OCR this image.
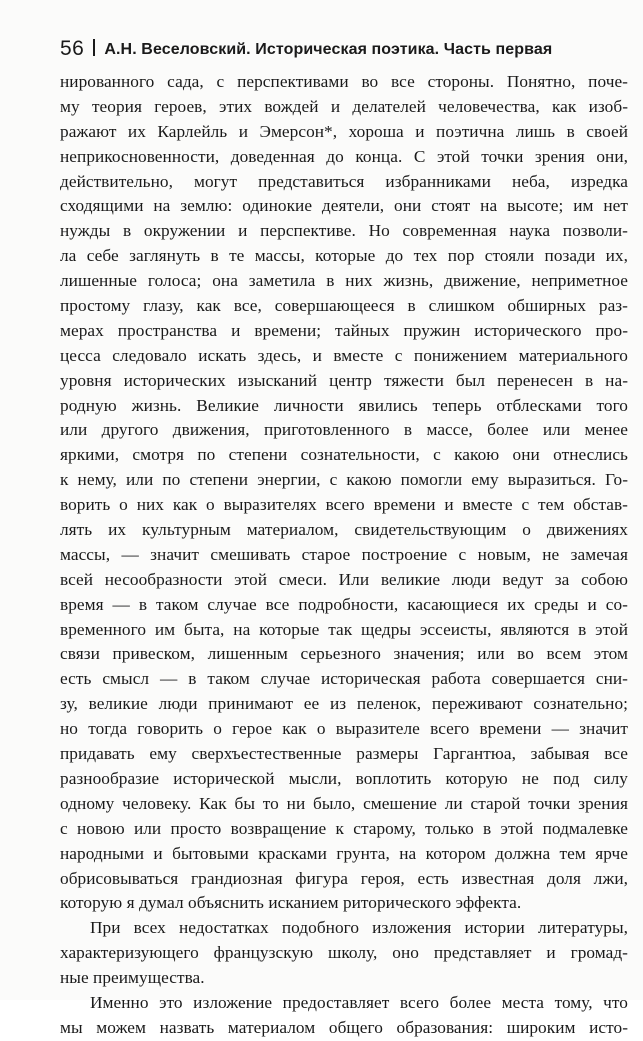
56 А.Н. Веселовский. Историческая поэтика. Часть первая
нированного сада, с перспективами во все стороны. Понятно, поче-
му теория героев, этих вождей и делателей человечества, как изоб-
ражают их Карлейль и Эмерсон*, хороша и поэтична лишь в своей
неприкосновенности, доведенная до конца. С этой точки зрения они,
действительно, могут представиться избранниками неба, изредка
сходящими на землю: одинокие деятели, они стоят на высоте; им нет
нужды в окружении и перспективе. Но современная наука позволи-
ла себе заглянуть в те массы, которые до тех пор стояли позади их,
лишенные голоса; она заметила в них жизнь, движение, неприметное
простому глазу, как все, совершающееся в слишком обширных раз-
мерах пространства и времени; тайных пружин исторического про-
цесса следовало искать здесь, и вместе с понижением материального
уровня исторических изысканий центр тяжести был перенесен в на-
родную жизнь. Великие личности явились теперь отблесками того
или другого движения, приготовленного в массе, более или менее
яркими, смотря по степени сознательности, с какою они отнеслись
к нему, или по степени энергии, с какою помогли ему выразиться. Го-
ворить о них как о выразителях всего времени и вместе с тем обстав-
лять их культурным материалом, свидетельствующим о движениях
массы, — значит смешивать старое построение с новым, не замечая
всей несообразности этой смеси. Или великие люди ведут за собою
время — в таком случае все подробности, касающиеся их среды и со-
временного им быта, на которые так щедры эссеисты, являются в этой
связи привеском, лишенным серьезного значения; или во всем этом
есть смысл — в таком случае историческая работа совершается сни-
зу, великие люди принимают ее из пеленок, переживают сознательно;
но тогда говорить о герое как о выразителе всего времени — значит
придавать ему сверхъестественные размеры Гаргантюа, забывая все
разнообразие исторической мысли, воплотить которую не под силу
одному человеку. Как бы то ни было, смешение ли старой точки зрения
с новою или просто возвращение к старому, только в этой подмалевке
народными и бытовыми красками грунта, на котором должна тем ярче
обрисовываться грандиозная фигура героя, есть известная доля лжи,
которую я думал объяснить исканием риторического эффекта.
При всех недостатках подобного изложения истории литературы,
характеризующего французскую школу, оно представляет и громад-
ные преимущества.
Именно это изложение предоставляет всего более места тому, что
мы можем назвать материалом общего образования: широким исто-
